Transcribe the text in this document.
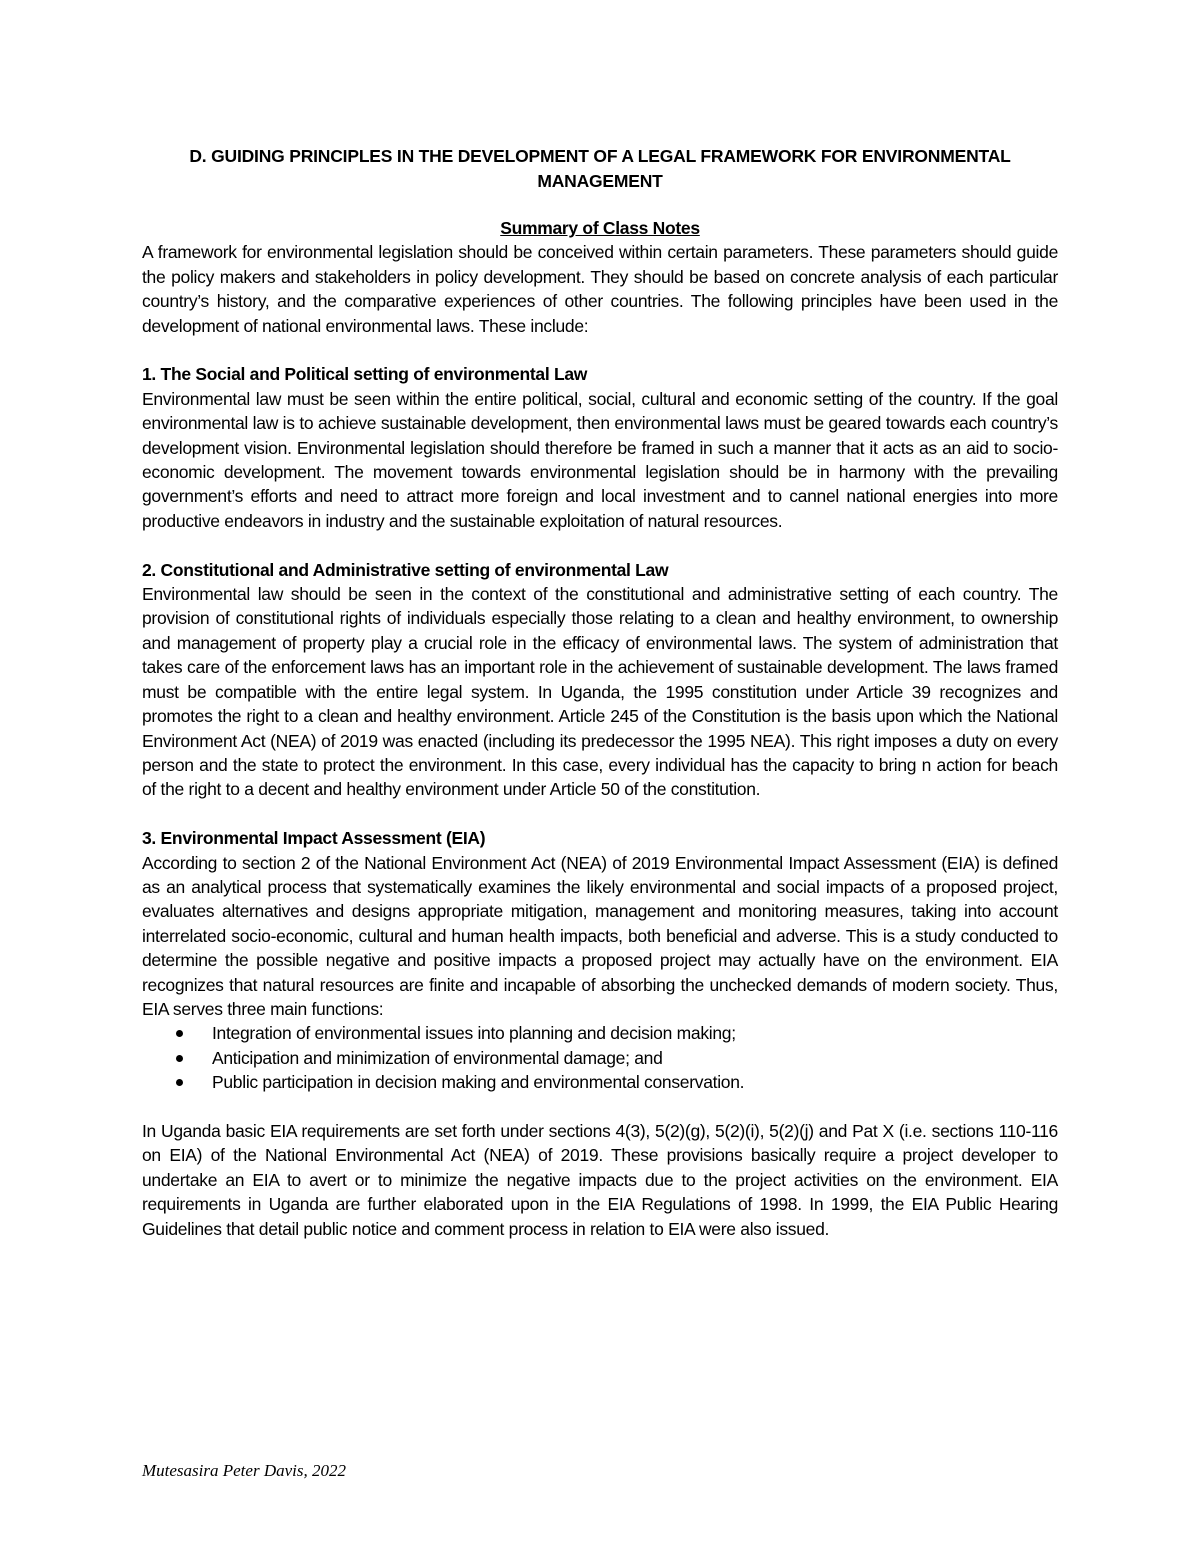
D. GUIDING PRINCIPLES IN THE DEVELOPMENT OF A LEGAL FRAMEWORK FOR ENVIRONMENTAL MANAGEMENT

Summary of Class Notes

A framework for environmental legislation should be conceived within certain parameters. These parameters should guide the policy makers and stakeholders in policy development. They should be based on concrete analysis of each particular country’s history, and the comparative experiences of other countries. The following principles have been used in the development of national environmental laws. These include:

1. The Social and Political setting of environmental Law

Environmental law must be seen within the entire political, social, cultural and economic setting of the country. If the goal environmental law is to achieve sustainable development, then environmental laws must be geared towards each country’s development vision. Environmental legislation should therefore be framed in such a manner that it acts as an aid to socio-economic development. The movement towards environmental legislation should be in harmony with the prevailing government’s efforts and need to attract more foreign and local investment and to cannel national energies into more productive endeavors in industry and the sustainable exploitation of natural resources.

2. Constitutional and Administrative setting of environmental Law

Environmental law should be seen in the context of the constitutional and administrative setting of each country. The provision of constitutional rights of individuals especially those relating to a clean and healthy environment, to ownership and management of property play a crucial role in the efficacy of environmental laws. The system of administration that takes care of the enforcement laws has an important role in the achievement of sustainable development. The laws framed must be compatible with the entire legal system. In Uganda, the 1995 constitution under Article 39 recognizes and promotes the right to a clean and healthy environment. Article 245 of the Constitution is the basis upon which the National Environment Act (NEA) of 2019 was enacted (including its predecessor the 1995 NEA). This right imposes a duty on every person and the state to protect the environment. In this case, every individual has the capacity to bring n action for beach of the right to a decent and healthy environment under Article 50 of the constitution.

3. Environmental Impact Assessment (EIA)

According to section 2 of the National Environment Act (NEA) of 2019 Environmental Impact Assessment (EIA) is defined as an analytical process that systematically examines the likely environmental and social impacts of a proposed project, evaluates alternatives and designs appropriate mitigation, management and monitoring measures, taking into account interrelated socio-economic, cultural and human health impacts, both beneficial and adverse. This is a study conducted to determine the possible negative and positive impacts a proposed project may actually have on the environment. EIA recognizes that natural resources are finite and incapable of absorbing the unchecked demands of modern society. Thus, EIA serves three main functions:

Integration of environmental issues into planning and decision making;
Anticipation and minimization of environmental damage; and
Public participation in decision making and environmental conservation.

In Uganda basic EIA requirements are set forth under sections 4(3), 5(2)(g), 5(2)(i), 5(2)(j) and Pat X (i.e. sections 110-116 on EIA) of the National Environmental Act (NEA) of 2019. These provisions basically require a project developer to undertake an EIA to avert or to minimize the negative impacts due to the project activities on the environment. EIA requirements in Uganda are further elaborated upon in the EIA Regulations of 1998. In 1999, the EIA Public Hearing Guidelines that detail public notice and comment process in relation to EIA were also issued.

Mutesasira Peter Davis, 2022
